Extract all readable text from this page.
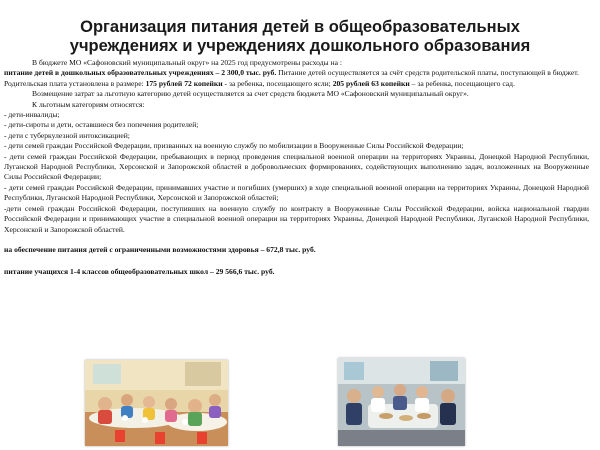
Организация питания детей в общеобразовательных
учреждениях и учреждениях дошкольного образования

В бюджете МО «Сафоновский муниципальный округ» на 2025 год предусмотрены расходы на :

питание детей в дошкольных образовательных учреждениях – 2 300,0 тыс. руб. Питание детей осуществляется за счёт средств родительской платы, поступающей в бюджет.

Родительская плата установлена в размере: 175 рублей 72 копейки - за ребенка, посещающего ясли; 205 рублей 63 копейки – за ребенка, посещающего сад.

Возмещение затрат за льготную категорию детей осуществляется за счет средств бюджета МО «Сафоновский муниципальный округ».

К льготным категориям относятся:

- дети-инвалиды;

- дети-сироты и дети, оставшиеся без попечения родителей;

- дети с туберкулезной интоксикацией;

- дети семей граждан Российской Федерации, призванных на военную службу по мобилизации в Вооруженные Силы Российской Федерации;

- дети семей граждан Российской Федерации, пребывающих в период проведения специальной военной операции на территориях Украины, Донецкой Народной Республики, Луганской Народной Республики, Херсонской и Запорожской областей в добровольческих формированиях, содействующих выполнению задач, возложенных на Вооруженные Силы Российской Федерации;

- дети семей граждан Российской Федерации, принимавших участие и погибших (умерших) в ходе специальной военной операции на территориях Украины, Донецкой Народной Республики, Луганской Народной Республики, Херсонской и Запорожской областей;

-дети семей граждан Российской Федерации, поступивших на военную службу по контракту в Вооруженные Силы Российской Федерации, войска национальной гвардии Российской Федерации и принимающих участие в специальной военной операции на территориях Украины, Донецкой Народной Республики, Луганской Народной Республики, Херсонской и Запорожской областей.

на обеспечение питания детей с ограниченными возможностями здоровья – 672,8 тыс. руб.

питание учащихся 1-4 классов общеобразовательных школ – 29 566,6 тыс. руб.
